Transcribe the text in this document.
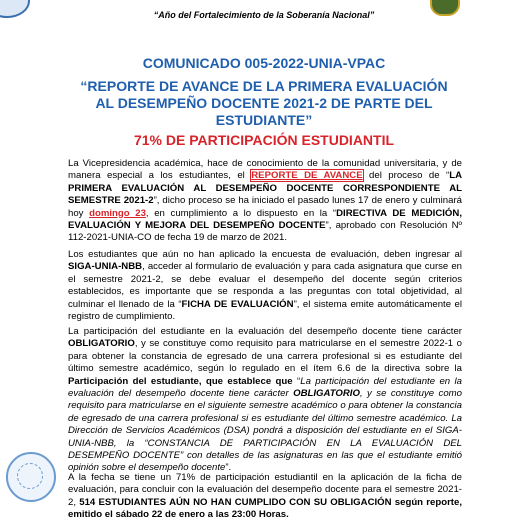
“Año del Fortalecimiento de la Soberanía Nacional”
COMUNICADO 005-2022-UNIA-VPAC
“REPORTE DE AVANCE DE LA PRIMERA EVALUACIÓN
AL DESEMPEÑO DOCENTE 2021-2 DE PARTE DEL
ESTUDIANTE”
71% DE PARTICIPACIÓN ESTUDIANTIL
La Vicepresidencia académica, hace de conocimiento de la comunidad universitaria, y de manera especial a los estudiantes, el REPORTE DE AVANCE del proceso de “LA PRIMERA EVALUACIÓN AL DESEMPEÑO DOCENTE CORRESPONDIENTE AL SEMESTRE 2021-2”, dicho proceso se ha iniciado el pasado lunes 17 de enero y culminará hoy domingo 23, en cumplimiento a lo dispuesto en la “DIRECTIVA DE MEDICIÓN, EVALUACIÓN Y MEJORA DEL DESEMPEÑO DOCENTE”, aprobado con Resolución Nº 112-2021-UNIA-CO de fecha 19 de marzo de 2021.
Los estudiantes que aún no han aplicado la encuesta de evaluación, deben ingresar al SIGA-UNIA-NBB, acceder al formulario de evaluación y para cada asignatura que curse en el semestre 2021-2, se debe evaluar el desempeño del docente según criterios establecidos, es importante que se responda a las preguntas con total objetividad, al culminar el llenado de la “FICHA DE EVALUACIÓN”, el sistema emite automáticamente el registro de cumplimiento.
La participación del estudiante en la evaluación del desempeño docente tiene carácter OBLIGATORIO, y se constituye como requisito para matricularse en el semestre 2022-1 o para obtener la constancia de egresado de una carrera profesional si es estudiante del último semestre académico, según lo regulado en el ítem 6.6 de la directiva sobre la Participación del estudiante, que establece que “La participación del estudiante en la evaluación del desempeño docente tiene carácter OBLIGATORIO, y se constituye como requisito para matricularse en el siguiente semestre académico o para obtener la constancia de egresado de una carrera profesional si es estudiante del último semestre académico. La Dirección de Servicios Académicos (DSA) pondrá a disposición del estudiante en el SIGA-UNIA-NBB, la “CONSTANCIA DE PARTICIPACIÓN EN LA EVALUACIÓN DEL DESEMPEÑO DOCENTE” con detalles de las asignaturas en las que el estudiante emitió opinión sobre el desempeño docente”.
A la fecha se tiene un 71% de participación estudiantil en la aplicación de la ficha de evaluación, para concluir con la evaluación del desempeño docente para el semestre 2021-2, 514 ESTUDIANTES AÚN NO HAN CUMPLIDO CON SU OBLIGACIÓN según reporte, emitido el sábado 22 de enero a las 23:00 Horas.
